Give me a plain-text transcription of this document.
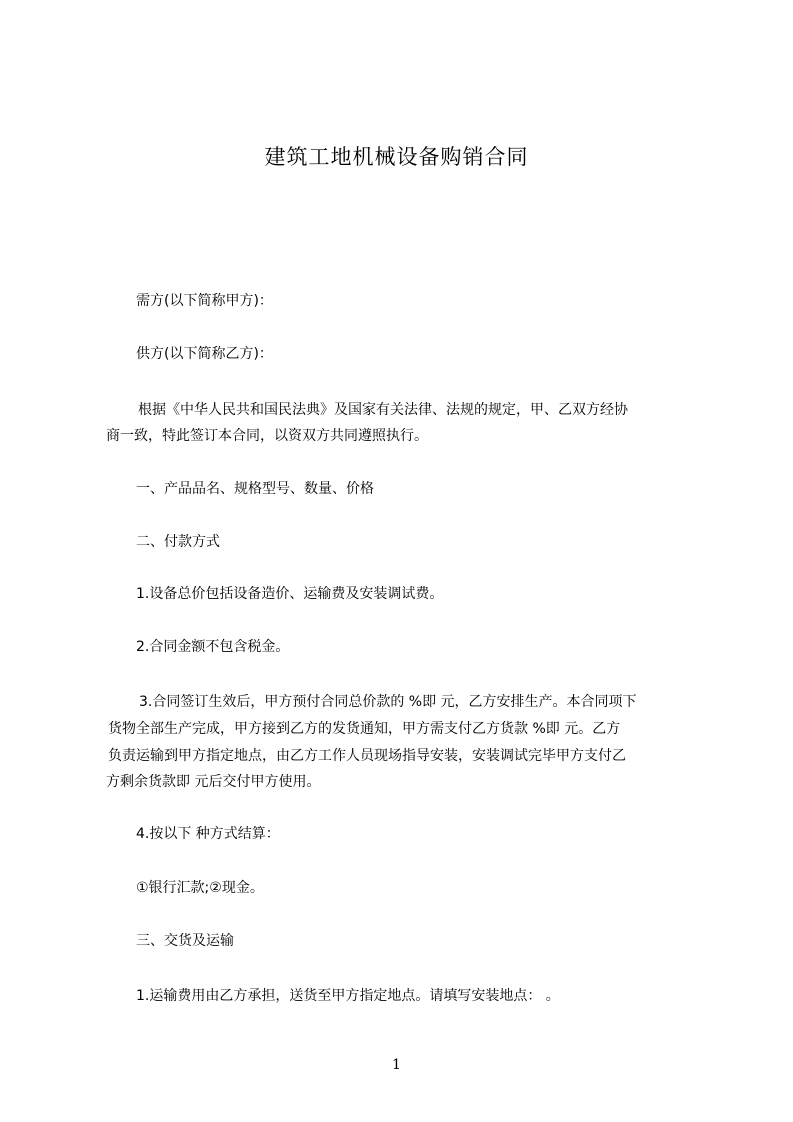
建筑工地机械设备购销合同
需方(以下简称甲方)：
供方(以下简称乙方)：
根据《中华人民共和国民法典》及国家有关法律、法规的规定，甲、乙双方经协
商一致，特此签订本合同，以资双方共同遵照执行。
一、产品品名、规格型号、数量、价格
二、付款方式
1.设备总价包括设备造价、运输费及安装调试费。
2.合同金额不包含税金。
3.合同签订生效后，甲方预付合同总价款的 %即 元，乙方安排生产。本合同项下
货物全部生产完成，甲方接到乙方的发货通知，甲方需支付乙方货款 %即 元。乙方
负责运输到甲方指定地点，由乙方工作人员现场指导安装，安装调试完毕甲方支付乙
方剩余货款即 元后交付甲方使用。
4.按以下 种方式结算：
①银行汇款;②现金。
三、交货及运输
1.运输费用由乙方承担，送货至甲方指定地点。请填写安装地点： 。
1
